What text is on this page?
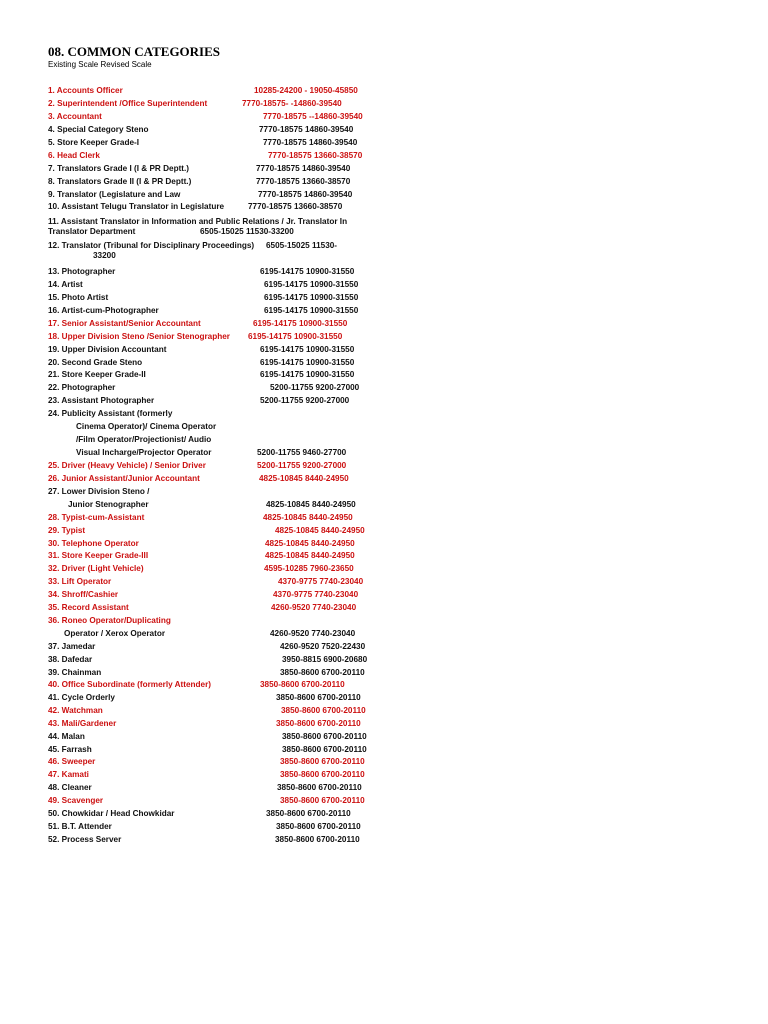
08. COMMON CATEGORIES
Existing Scale Revised Scale
1. Accounts Officer	10285-24200 - 19050-45850
2. Superintendent /Office Superintendent	7770-18575- -14860-39540
3. Accountant	7770-18575 --14860-39540
4. Special Category Steno	7770-18575 14860-39540
5. Store Keeper Grade-I	7770-18575 14860-39540
6. Head Clerk	7770-18575 13660-38570
7. Translators Grade I (I & PR Deptt.)	7770-18575 14860-39540
8. Translators Grade II (I & PR Deptt.)	7770-18575 13660-38570
9. Translator (Legislature and Law	7770-18575 14860-39540
10. Assistant Telugu Translator in Legislature	7770-18575 13660-38570
11. Assistant Translator in Information and Public Relations / Jr. Translator In
Translator Department	6505-15025 11530-33200
12. Translator (Tribunal for Disciplinary Proceedings) 6505-15025 11530-
33200
13. Photographer	6195-14175 10900-31550
14. Artist	6195-14175 10900-31550
15. Photo Artist	6195-14175 10900-31550
16. Artist-cum-Photographer	6195-14175 10900-31550
17. Senior Assistant/Senior Accountant	6195-14175 10900-31550
18. Upper Division Steno /Senior Stenographer 6195-14175 10900-31550
19. Upper Division Accountant	6195-14175 10900-31550
20. Second Grade Steno	6195-14175 10900-31550
21. Store Keeper Grade-II	6195-14175 10900-31550
22. Photographer	5200-11755 9200-27000
23. Assistant Photographer	5200-11755 9200-27000
24. Publicity Assistant (formerly
Cinema Operator)/ Cinema Operator
/Film Operator/Projectionist/ Audio
Visual Incharge/Projector Operator	5200-11755 9460-27700
25. Driver (Heavy Vehicle) / Senior Driver	5200-11755 9200-27000
26. Junior Assistant/Junior Accountant	4825-10845 8440-24950
27. Lower Division Steno /
Junior Stenographer	4825-10845 8440-24950
28. Typist-cum-Assistant	4825-10845 8440-24950
29. Typist	4825-10845 8440-24950
30. Telephone Operator	4825-10845 8440-24950
31. Store Keeper Grade-III	4825-10845 8440-24950
32. Driver (Light Vehicle)	4595-10285 7960-23650
33. Lift Operator	4370-9775 7740-23040
34. Shroff/Cashier	4370-9775 7740-23040
35. Record Assistant	4260-9520 7740-23040
36. Roneo Operator/Duplicating
Operator / Xerox Operator	4260-9520 7740-23040
37. Jamedar	4260-9520 7520-22430
38. Dafedar	3950-8815 6900-20680
39. Chainman	3850-8600 6700-20110
40. Office Subordinate (formerly Attender)	3850-8600 6700-20110
41. Cycle Orderly	3850-8600 6700-20110
42. Watchman	3850-8600 6700-20110
43. Mali/Gardener	3850-8600 6700-20110
44. Malan	3850-8600 6700-20110
45. Farrash	3850-8600 6700-20110
46. Sweeper	3850-8600 6700-20110
47. Kamati	3850-8600 6700-20110
48. Cleaner	3850-8600 6700-20110
49. Scavenger	3850-8600 6700-20110
50. Chowkidar / Head Chowkidar	3850-8600 6700-20110
51. B.T. Attender	3850-8600 6700-20110
52. Process Server	3850-8600 6700-20110
